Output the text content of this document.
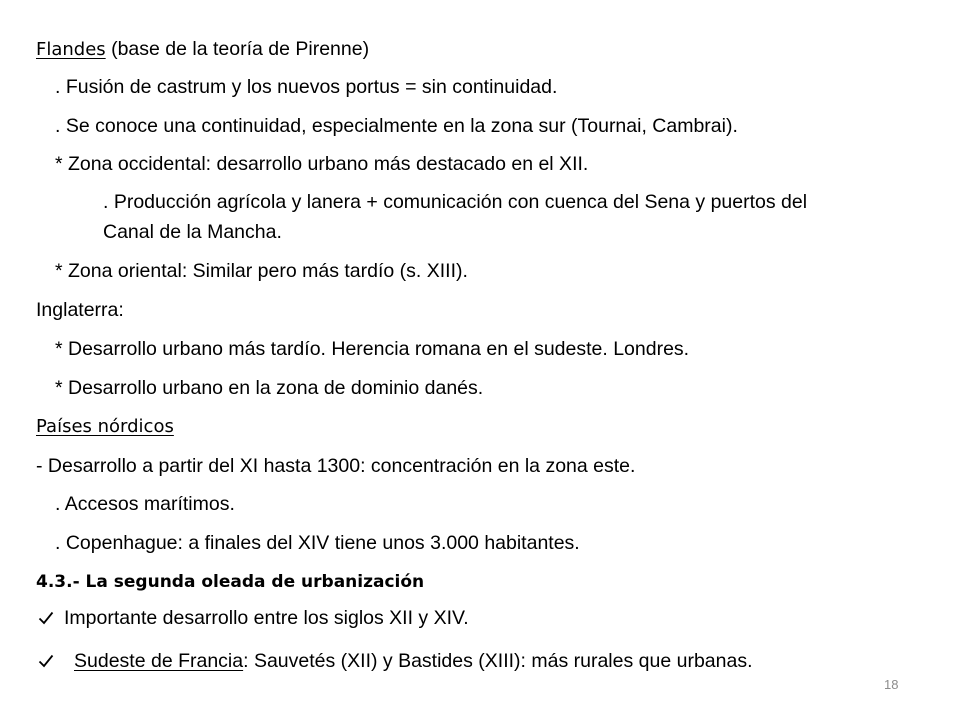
Flandes (base de la teoría de Pirenne)
. Fusión de castrum y los nuevos portus = sin continuidad.
. Se conoce una continuidad, especialmente en la zona sur (Tournai, Cambrai).
* Zona occidental: desarrollo urbano más destacado en el XII.
. Producción agrícola y lanera + comunicación con cuenca del Sena y puertos del
Canal de la Mancha.
* Zona oriental: Similar pero más tardío (s. XIII).
Inglaterra:
* Desarrollo urbano más tardío. Herencia romana en el sudeste. Londres.
* Desarrollo urbano en la zona de dominio danés.
Países nórdicos
- Desarrollo a partir del XI hasta 1300: concentración en la zona este.
. Accesos marítimos.
. Copenhague: a finales del XIV tiene unos 3.000 habitantes.
4.3.- La segunda oleada de urbanización
Importante desarrollo entre los siglos XII y XIV.
Sudeste de Francia: Sauvetés (XII) y Bastides (XIII): más rurales que urbanas.
18
